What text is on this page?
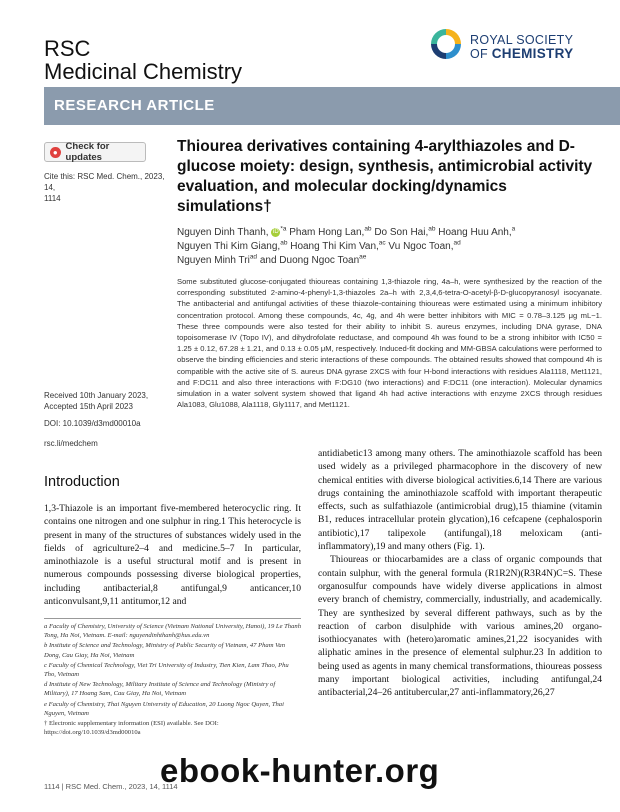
RSC
Medicinal Chemistry
ROYAL SOCIETY
OF CHEMISTRY
RESEARCH ARTICLE
● Check for updates
Cite this: RSC Med. Chem., 2023, 14,
1114
Received 10th January 2023,
Accepted 15th April 2023
DOI: 10.1039/d3md00010a
rsc.li/medchem
Thiourea derivatives containing 4-arylthiazoles and D-glucose moiety: design, synthesis, antimicrobial activity evaluation, and molecular docking/dynamics simulations†
Nguyen Dinh Thanh, iD $^{*a}$ Pham Hong Lan,$^{ab}$ Do Son Hai,$^{ab}$ Hoang Huu Anh,$^a$
Nguyen Thi Kim Giang,$^{ab}$ Hoang Thi Kim Van,$^{ac}$ Vu Ngoc Toan,$^{ad}$
Nguyen Minh Tri$^{ad}$ and Duong Ngoc Toan$^{ae}$
Some substituted glucose-conjugated thioureas containing 1,3-thiazole ring, 4a–h, were synthesized by the reaction of the corresponding substituted 2-amino-4-phenyl-1,3-thiazoles 2a–h with 2,3,4,6-tetra-O-acetyl-β-D-glucopyranosyl isocyanate. The antibacterial and antifungal activities of these thiazole-containing thioureas were estimated using a minimum inhibitory concentration protocol. Among these compounds, 4c, 4g, and 4h were better inhibitors with MIC = 0.78–3.125 μg mL−1. These three compounds were also tested for their ability to inhibit S. aureus enzymes, including DNA gyrase, DNA topoisomerase IV (Topo IV), and dihydrofolate reductase, and compound 4h was found to be a strong inhibitor with IC50 = 1.25 ± 0.12, 67.28 ± 1.21, and 0.13 ± 0.05 μM, respectively. Induced-fit docking and MM-GBSA calculations were performed to observe the binding efficiencies and steric interactions of these compounds. The obtained results showed that compound 4h is compatible with the active site of S. aureus DNA gyrase 2XCS with four H-bond interactions with residues Ala1118, Met1121, and F:DC11 and also three interactions with F:DG10 (two interactions) and F:DC11 (one interaction). Molecular dynamics simulation in a water solvent system showed that ligand 4h had active interactions with enzyme 2XCS through residues Ala1083, Glu1088, Ala1118, Gly1117, and Met1121.
Introduction

1,3-Thiazole is an important five-membered heterocyclic ring. It contains one nitrogen and one sulphur in ring.1 This heterocycle is present in many of the structures of substances widely used in the fields of agriculture2–4 and medicine.5–7 In particular, aminothiazole is a useful structural motif and is present in numerous compounds possessing diverse biological properties, including antibacterial,8 antifungal,9 anticancer,10 anticonvulsant,9,11 antitumor,12 and

antidiabetic13 among many others. The aminothiazole scaffold has been used widely as a privileged pharmacophore in the discovery of new chemical entities with diverse biological activities.6,14 There are various drugs containing the aminothiazole scaffold with important therapeutic effects, such as sulfathiazole (antimicrobial drug),15 thiamine (vitamin B1, reduces intracellular protein glycation),16 cefcapene (cephalosporin antibiotic),17 talipexole (antifungal),18 meloxicam (anti-inflammatory),19 and many others (Fig. 1).

Thioureas or thiocarbamides are a class of organic compounds that contain sulphur, with the general formula (R1R2N)(R3R4N)C=S. These organosulfur compounds have widely diverse applications in almost every branch of chemistry, commercially, industrially, and academically. They are synthesized by several different pathways, such as by the reaction of carbon disulphide with various amines,20 organo-isothiocyanates with (hetero)aromatic amines,21,22 isocyanides with aliphatic amines in the presence of elemental sulphur.23 In addition to being used as agents in many chemical transformations, thioureas possess many important biological activities, including antifungal,24 antibacterial,24–26 antitubercular,27 anti-inflammatory,26,27

a Faculty of Chemistry, University of Science (Vietnam National University, Hanoi), 19 Le Thanh Tong, Ha Noi, Vietnam. E-mail: nguyendinhthanh@hus.edu.vn

b Institute of Science and Technology, Ministry of Public Security of Vietnam, 47 Pham Van Dong, Cau Giay, Ha Noi, Vietnam

c Faculty of Chemical Technology, Viet Tri University of Industry, Tien Kien, Lam Thao, Phu Tho, Vietnam

d Institute of New Technology, Military Institute of Science and Technology (Ministry of Military), 17 Hoang Sam, Cau Giay, Ha Noi, Vietnam

e Faculty of Chemistry, Thai Nguyen University of Education, 20 Luong Ngoc Quyen, Thai Nguyen, Vietnam

† Electronic supplementary information (ESI) available. See DOI: https://doi.org/10.1039/d3md00010a

1114 | RSC Med. Chem., 2023, 14, 1114
ebook-hunter.org
